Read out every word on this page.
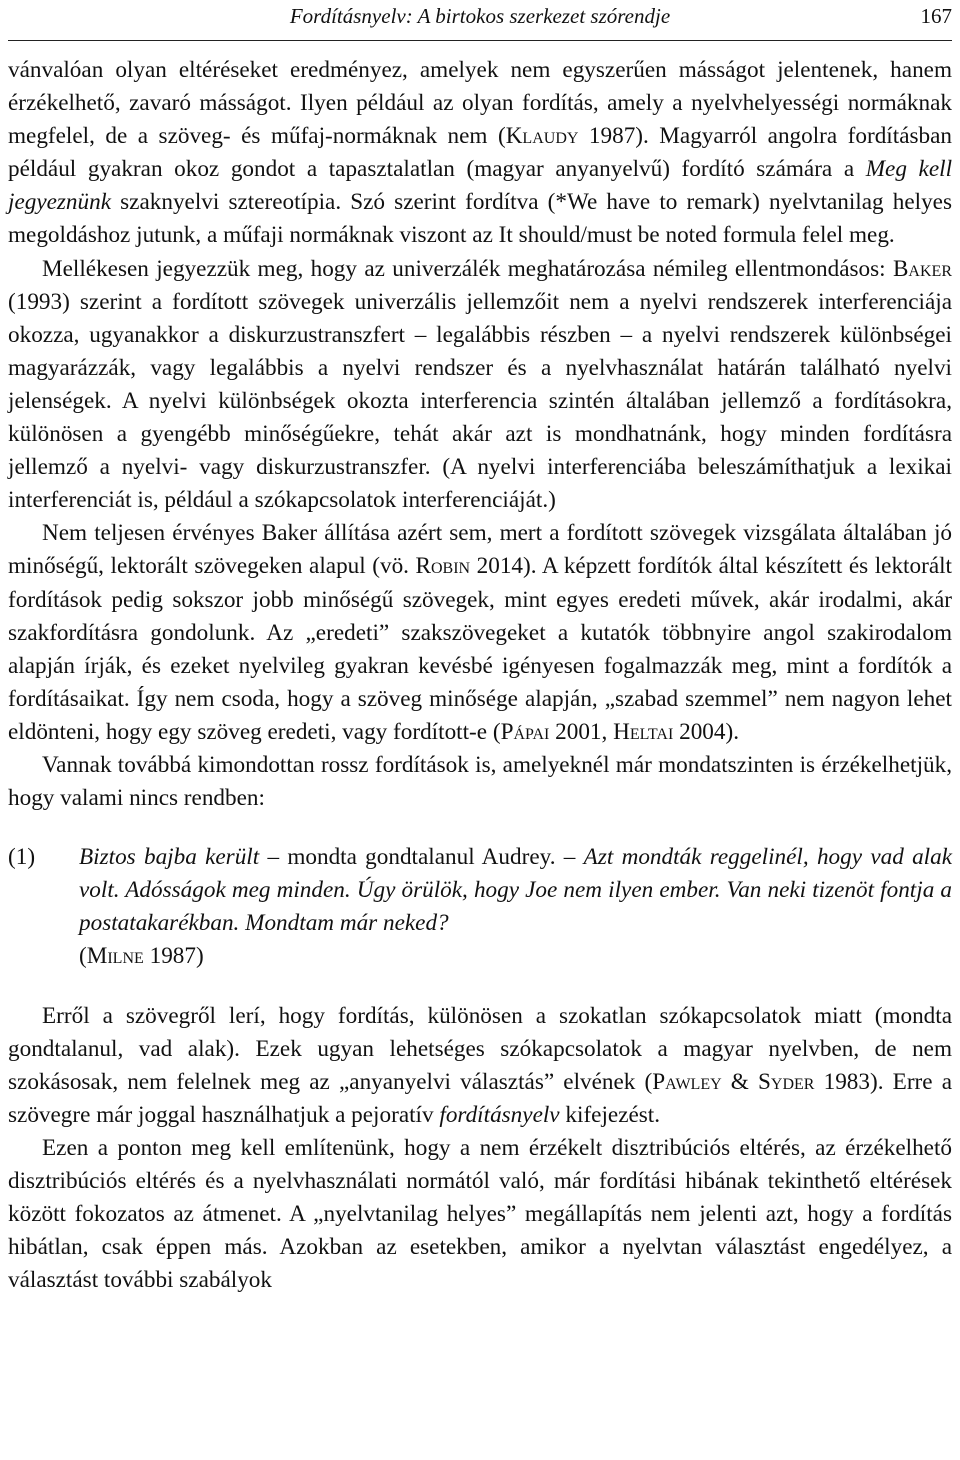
Fordításnyelv: A birtokos szerkezet szórendje	167

vánvalóan olyan eltéréseket eredményez, amelyek nem egyszerűen másságot jelentenek, hanem érzékelhető, zavaró másságot. Ilyen például az olyan fordítás, amely a nyelvhelyességi normáknak megfelel, de a szöveg- és műfaj-normáknak nem (Klaudy 1987). Magyarról angolra fordításban például gyakran okoz gondot a tapasztalatlan (magyar anyanyelvű) fordító számára a Meg kell jegyeznünk szaknyelvi sztereotípia. Szó szerint fordítva (*We have to remark) nyelvtanilag helyes megoldáshoz jutunk, a műfaji normáknak viszont az It should/must be noted formula felel meg.

Mellékesen jegyezzük meg, hogy az univerzálék meghatározása némileg ellentmondásos: Baker (1993) szerint a fordított szövegek univerzális jellemzőit nem a nyelvi rendszerek interferenciája okozza, ugyanakkor a diskurzustranszfert – legalábbis részben – a nyelvi rendszerek különbségei magyarázzák, vagy legalábbis a nyelvi rendszer és a nyelvhasználat határán található nyelvi jelenségek. A nyelvi különbségek okozta interferencia szintén általában jellemző a fordításokra, különösen a gyengébb minőségűekre, tehát akár azt is mondhatnánk, hogy minden fordításra jellemző a nyelvi- vagy diskurzustranszfer. (A nyelvi interferenciába beleszámíthatjuk a lexikai interferenciát is, például a szókapcsolatok interferenciáját.)

Nem teljesen érvényes Baker állítása azért sem, mert a fordított szövegek vizsgálata általában jó minőségű, lektorált szövegeken alapul (vö. Robin 2014). A képzett fordítók által készített és lektorált fordítások pedig sokszor jobb minőségű szövegek, mint egyes eredeti művek, akár irodalmi, akár szakfordításra gondolunk. Az „eredeti” szakszövegeket a kutatók többnyire angol szakirodalom alapján írják, és ezeket nyelvileg gyakran kevésbé igényesen fogalmazzák meg, mint a fordítók a fordításaikat. Így nem csoda, hogy a szöveg minősége alapján, „szabad szemmel” nem nagyon lehet eldönteni, hogy egy szöveg eredeti, vagy fordított-e (Pápai 2001, Heltai 2004).

Vannak továbbá kimondottan rossz fordítások is, amelyeknél már mondatszinten is érzékelhetjük, hogy valami nincs rendben:

(1)	Biztos bajba került – mondta gondtalanul Audrey. – Azt mondták reggelinél, hogy vad alak volt. Adósságok meg minden. Úgy örülök, hogy Joe nem ilyen ember. Van neki tizenöt fontja a postatakarékban. Mondtam már neked?

(Milne 1987)

Erről a szövegről lerí, hogy fordítás, különösen a szokatlan szókapcsolatok miatt (mondta gondtalanul, vad alak). Ezek ugyan lehetséges szókapcsolatok a magyar nyelvben, de nem szokásosak, nem felelnek meg az „anyanyelvi választás” elvének (Pawley & Syder 1983). Erre a szövegre már joggal használhatjuk a pejoratív fordításnyelv kifejezést.

Ezen a ponton meg kell említenünk, hogy a nem érzékelt disztribúciós eltérés, az érzékelhető disztribúciós eltérés és a nyelvhasználati normától való, már fordítási hibának tekinthető eltérések között fokozatos az átmenet. A „nyelvtanilag helyes” megállapítás nem jelenti azt, hogy a fordítás hibátlan, csak éppen más. Azokban az esetekben, amikor a nyelvtan választást engedélyez, a választást további szabályok
